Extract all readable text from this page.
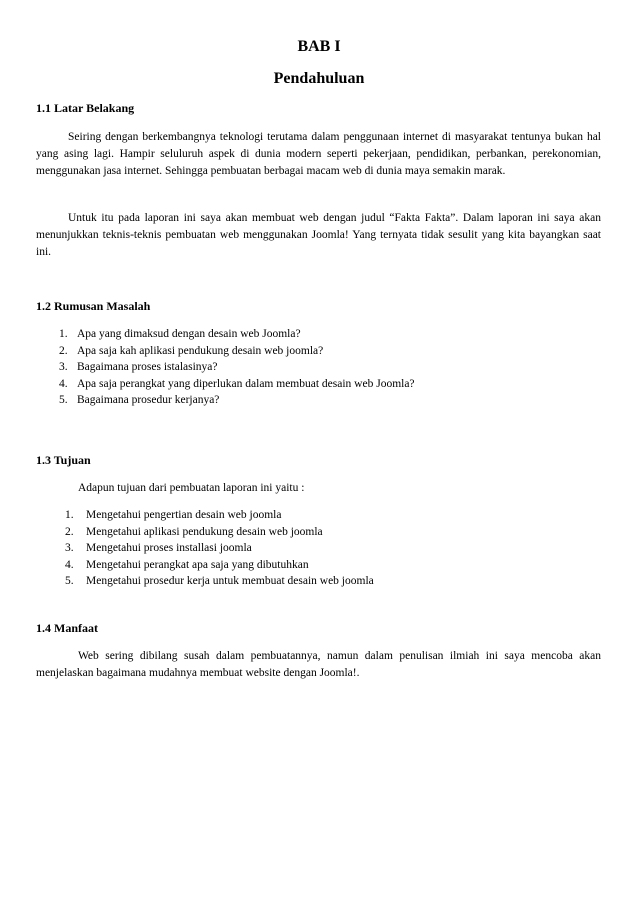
BAB I
Pendahuluan
1.1 Latar Belakang
Seiring dengan berkembangnya teknologi terutama dalam penggunaan internet di masyarakat tentunya bukan hal yang asing lagi. Hampir seluluruh aspek di dunia modern seperti pekerjaan, pendidikan, perbankan, perekonomian, menggunakan jasa internet. Sehingga pembuatan berbagai macam web di dunia maya semakin marak.
Untuk itu pada laporan ini saya akan membuat web dengan judul “Fakta Fakta”. Dalam laporan ini saya akan menunjukkan teknis-teknis pembuatan web menggunakan Joomla! Yang ternyata tidak sesulit yang kita bayangkan saat ini.
1.2 Rumusan Masalah
1. Apa yang dimaksud dengan desain web Joomla?
2. Apa saja kah aplikasi pendukung desain web joomla?
3. Bagaimana proses istalasinya?
4. Apa saja perangkat yang diperlukan dalam membuat desain web Joomla?
5. Bagaimana prosedur kerjanya?
1.3 Tujuan
Adapun tujuan dari pembuatan laporan ini yaitu :
1.	Mengetahui pengertian desain web joomla
2.	Mengetahui aplikasi pendukung desain web joomla
3.	Mengetahui proses installasi joomla
4.	Mengetahui perangkat apa saja yang dibutuhkan
5.	Mengetahui prosedur kerja untuk membuat desain web joomla
1.4 Manfaat
Web sering dibilang susah dalam pembuatannya, namun dalam penulisan ilmiah ini saya mencoba akan menjelaskan bagaimana mudahnya membuat website dengan Joomla!.
